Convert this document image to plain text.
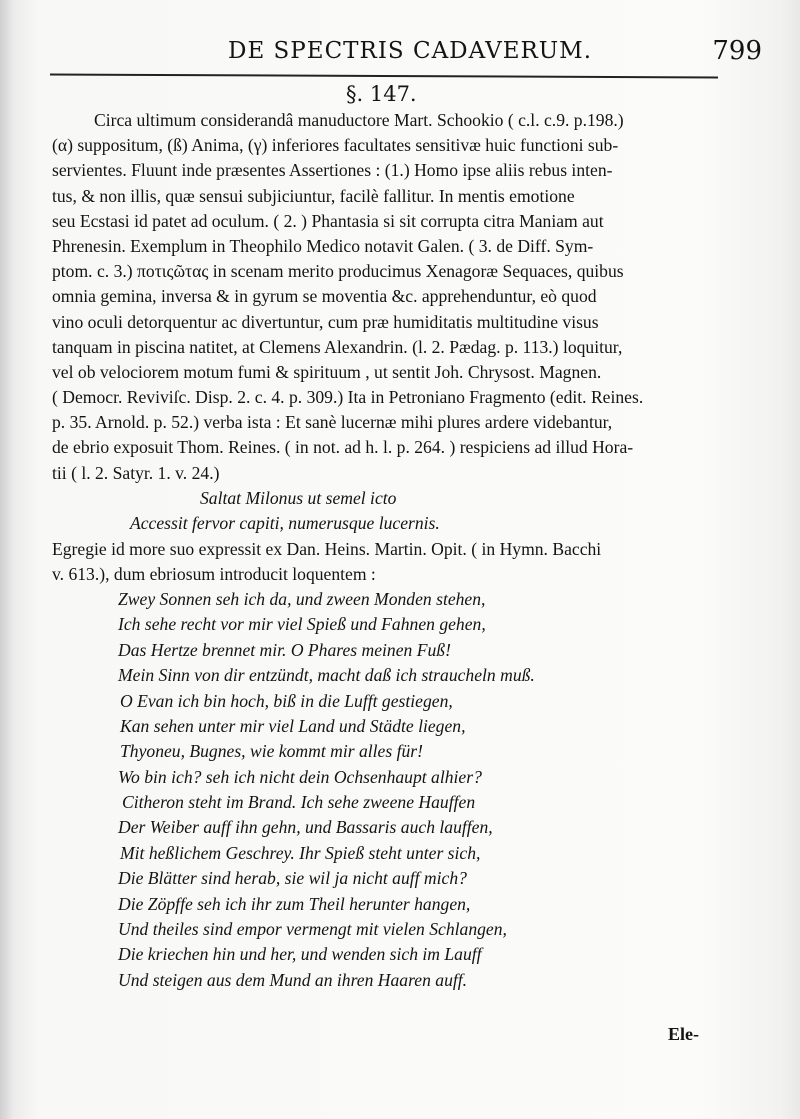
DE SPECTRIS CADAVERUM.	799
§. 147.
Circa ultimum considerandâ manuductore Mart. Schookio ( c.l. c.9. p.198.)
(α) suppositum, (ß) Anima, (γ) inferiores facultates sensitivæ huic functioni sub-
servientes. Fluunt inde præsentes Assertiones : (1.) Homo ipse aliis rebus inten-
tus, & non illis, quæ sensui subjiciuntur, facilè fallitur. In mentis emotione
seu Ecstasi id patet ad oculum. ( 2. ) Phantasia si sit corrupta citra Maniam aut
Phrenesin. Exemplum in Theophilo Medico notavit Galen. ( 3. de Diff. Sym-
ptom. c. 3.) ποτιςῶτας in scenam merito producimus Xenagoræ Sequaces, quibus
omnia gemina, inversa & in gyrum se moventia &c. apprehenduntur, eò quod
vino oculi detorquentur ac divertuntur, cum præ humiditatis multitudine visus
tanquam in piscina natitet, at Clemens Alexandrin. (l. 2. Pædag. p. 113.) loquitur,
vel ob velociorem motum fumi & spirituum , ut sentit Joh. Chrysost. Magnen.
( Democr. Reviviſc. Disp. 2. c. 4. p. 309.) Ita in Petroniano Fragmento (edit. Reines.
p. 35. Arnold. p. 52.) verba ista : Et sanè lucernæ mihi plures ardere videbantur,
de ebrio exposuit Thom. Reines. ( in not. ad h. l. p. 264. ) respiciens ad illud Hora-
tii ( l. 2. Satyr. 1. v. 24.)
Saltat Milonus ut semel icto
Accessit fervor capiti, numerusque lucernis.
Egregie id more suo expressit ex Dan. Heins. Martin. Opit. ( in Hymn. Bacchi
v. 613.), dum ebriosum introducit loquentem :
Zwey Sonnen seh ich da, und zween Monden stehen,
Ich sehe recht vor mir viel Spieß und Fahnen gehen,
Das Hertze brennet mir. O Phares meinen Fuß!
Mein Sinn von dir entzündt, macht daß ich straucheln muß.
O Evan ich bin hoch, biß in die Lufft gestiegen,
Kan sehen unter mir viel Land und Städte liegen,
Thyoneu, Bugnes, wie kommt mir alles für!
Wo bin ich? seh ich nicht dein Ochsenhaupt alhier?
Citheron steht im Brand. Ich sehe zweene Hauffen
Der Weiber auff ihn gehn, und Bassaris auch lauffen,
Mit heßlichem Geschrey. Ihr Spieß steht unter sich,
Die Blätter sind herab, sie wil ja nicht auff mich?
Die Zöpffe seh ich ihr zum Theil herunter hangen,
Und theiles sind empor vermengt mit vielen Schlangen,
Die kriechen hin und her, und wenden sich im Lauff
Und steigen aus dem Mund an ihren Haaren auff.
Ele-
